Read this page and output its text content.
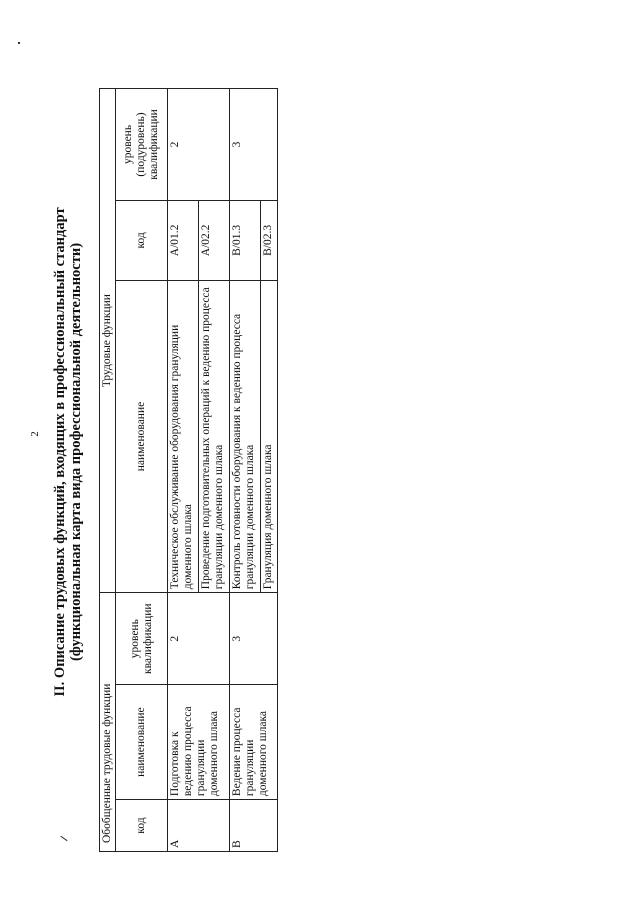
2 II. Описание трудовых функций, входящих в профессиональный стандарт (функциональная карта вида профессиональной деятельности)

Обобщенные трудовые функции			Трудовые функции		
код	наименование	уровень квалификации	наименование	код	уровень (подуровень) квалификации
A	Подготовка к ведению процесса грануляции доменного шлака	2	Техническое обслуживание оборудования грануляции доменного шлака	A/01.2	2
			Проведение подготовительных операций к ведению процесса грануляции доменного шлака	A/02.2	
B	Ведение процесса грануляции доменного шлака	3	Контроль готовности оборудования к ведению процесса грануляции доменного шлака	B/01.3	3
			Грануляция доменного шлака	B/02.3	
